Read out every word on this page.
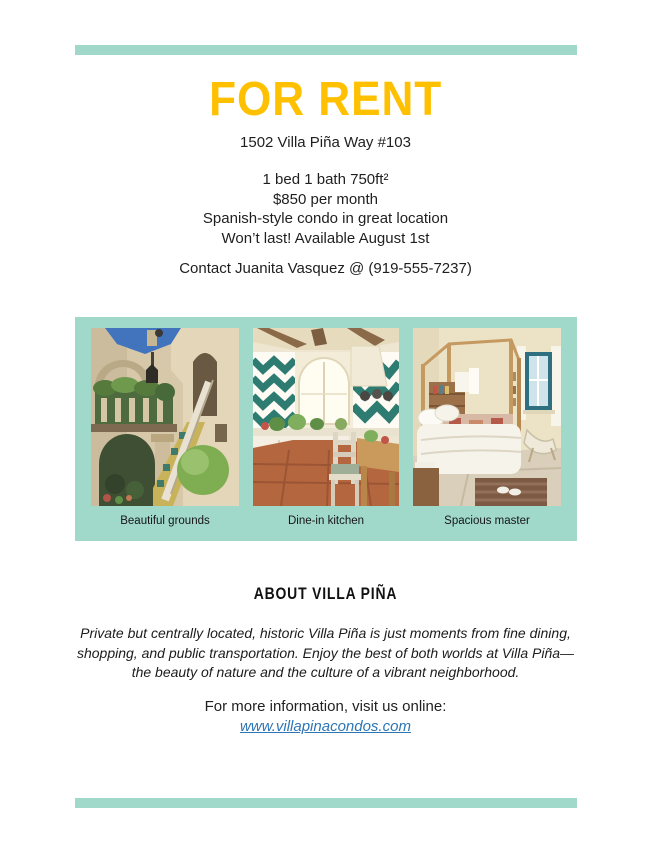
FOR RENT
1502 Villa Piña Way #103
1 bed 1 bath 750ft²
$850 per month
Spanish-style condo in great location
Won’t last! Available August 1st
Contact Juanita Vasquez @ (919-555-7237)
Beautiful grounds	Dine-in kitchen	Spacious master
ABOUT VILLA PIÑA
Private but centrally located, historic Villa Piña is just moments from fine dining,
shopping, and public transportation. Enjoy the best of both worlds at Villa Piña—
the beauty of nature and the culture of a vibrant neighborhood.
For more information, visit us online:
www.villapinacondos.com
